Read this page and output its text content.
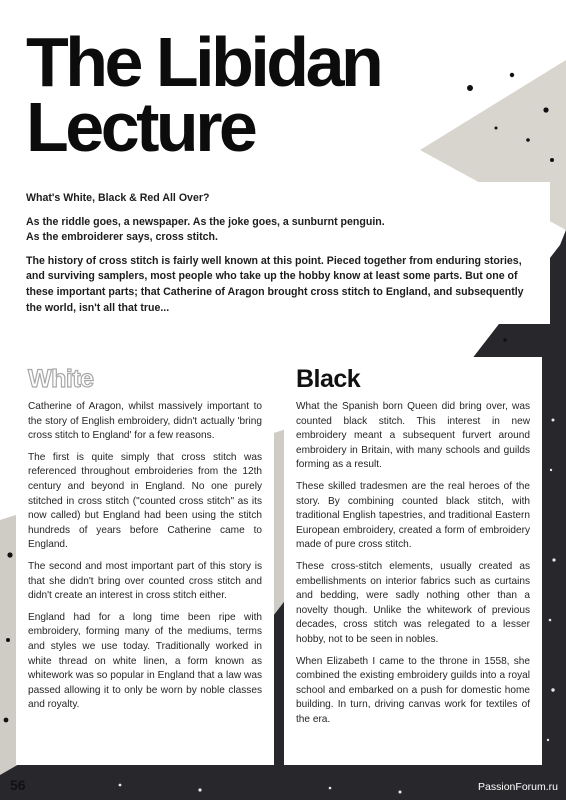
The Libidan
Lecture

What's White, Black & Red All Over?

As the riddle goes, a newspaper. As the joke goes, a sunburnt penguin.
As the embroiderer says, cross stitch.

The history of cross stitch is fairly well known at this point. Pieced together from enduring stories, and surviving samplers, most people who take up the hobby know at least some parts. But one of these important parts; that Catherine of Aragon brought cross stitch to England, and subsequently the world, isn't all that true...

White

Catherine of Aragon, whilst massively important to the story of English embroidery, didn't actually 'bring cross stitch to England' for a few reasons.

The first is quite simply that cross stitch was referenced throughout embroideries from the 12th century and beyond in England. No one purely stitched in cross stitch ("counted cross stitch" as its now called) but England had been using the stitch hundreds of years before Catherine came to England.

The second and most important part of this story is that she didn't bring over counted cross stitch and didn't create an interest in cross stitch either.

England had for a long time been ripe with embroidery, forming many of the mediums, terms and styles we use today. Traditionally worked in white thread on white linen, a form known as whitework was so popular in England that a law was passed allowing it to only be worn by noble classes and royalty.

Black

What the Spanish born Queen did bring over, was counted black stitch. This interest in new embroidery meant a subsequent furvert around embroidery in Britain, with many schools and guilds forming as a result.

These skilled tradesmen are the real heroes of the story. By combining counted black stitch, with traditional English tapestries, and traditional Eastern European embroidery, created a form of embroidery made of pure cross stitch.

These cross-stitch elements, usually created as embellishments on interior fabrics such as curtains and bedding, were sadly nothing other than a novelty though. Unlike the whitework of previous decades, cross stitch was relegated to a lesser hobby, not to be seen in nobles.

When Elizabeth I came to the throne in 1558, she combined the existing embroidery guilds into a royal school and embarked on a push for domestic home building. In turn, driving canvas work for textiles of the era.

56	PassionForum.ru
